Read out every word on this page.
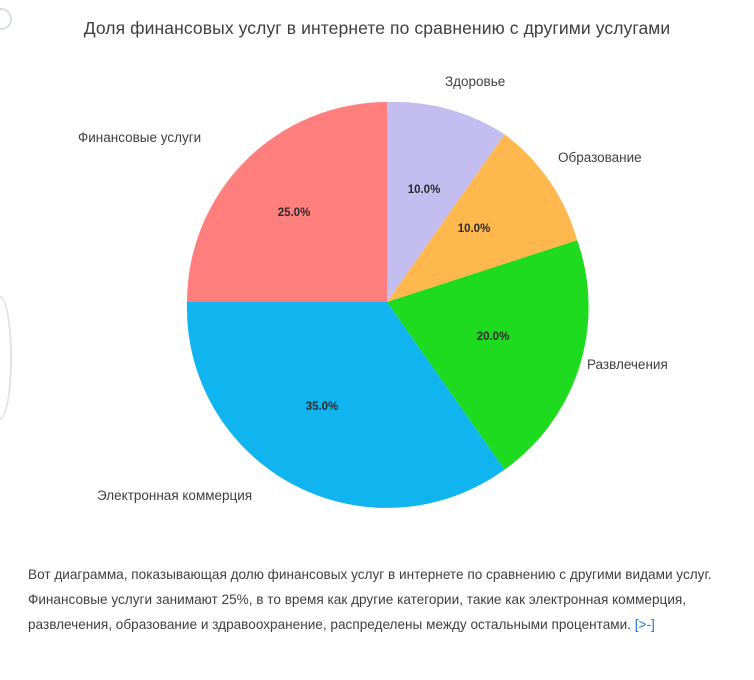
Доля финансовых услуг в интернете по сравнению с другими услугами
10.0%
10.0%
20.0%
35.0%
25.0%
Здоровье
Образование
Развлечения
Электронная коммерция
Финансовые услуги
Вот диаграмма, показывающая долю финансовых услуг в интернете по сравнению с другими видами услуг. Финансовые услуги занимают 25%, в то время как другие категории, такие как электронная коммерция, развлечения, образование и здравоохранение, распределены между остальными процентами. [>-]
